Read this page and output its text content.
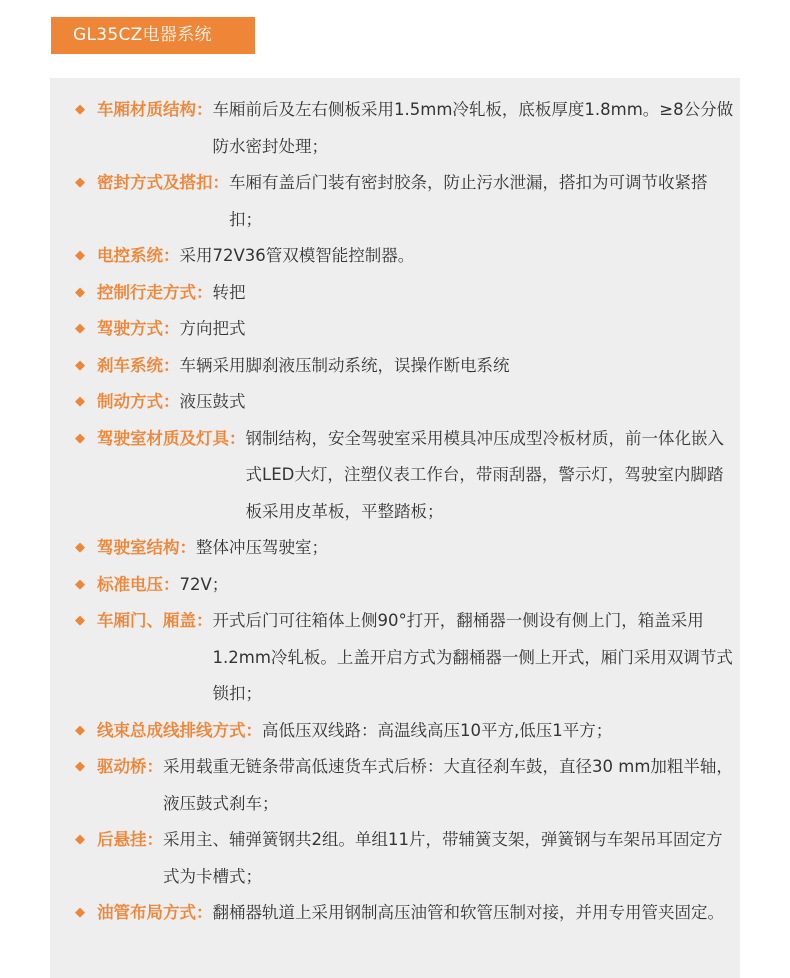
GL35CZ电器系统
◆ 车厢材质结构： 车厢前后及左右侧板采用1.5mm冷轧板，底板厚度1.8mm。≥8公分做防水密封处理；
◆ 密封方式及搭扣： 车厢有盖后门装有密封胶条，防止污水泄漏，搭扣为可调节收紧搭扣；
◆ 电控系统： 采用72V36管双模智能控制器。
◆ 控制行走方式： 转把
◆ 驾驶方式： 方向把式
◆ 刹车系统： 车辆采用脚刹液压制动系统，误操作断电系统
◆ 制动方式： 液压鼓式
◆ 驾驶室材质及灯具： 钢制结构，安全驾驶室采用模具冲压成型冷板材质，前一体化嵌入式LED大灯，注塑仪表工作台，带雨刮器，警示灯，驾驶室内脚踏板采用皮革板，平整踏板；
◆ 驾驶室结构： 整体冲压驾驶室；
◆ 标准电压： 72V；
◆ 车厢门、厢盖： 开式后门可往箱体上侧90°打开，翻桶器一侧设有侧上门，箱盖采用1.2mm冷轧板。上盖开启方式为翻桶器一侧上开式，厢门采用双调节式锁扣；
◆ 线束总成线排线方式： 高低压双线路：高温线高压10平方,低压1平方；
◆ 驱动桥： 采用载重无链条带高低速货车式后桥：大直径刹车鼓，直径30 mm加粗半轴，液压鼓式刹车；
◆ 后悬挂： 采用主、辅弹簧钢共2组。单组11片，带辅簧支架，弹簧钢与车架吊耳固定方式为卡槽式；
◆ 油管布局方式： 翻桶器轨道上采用钢制高压油管和软管压制对接，并用专用管夹固定。
